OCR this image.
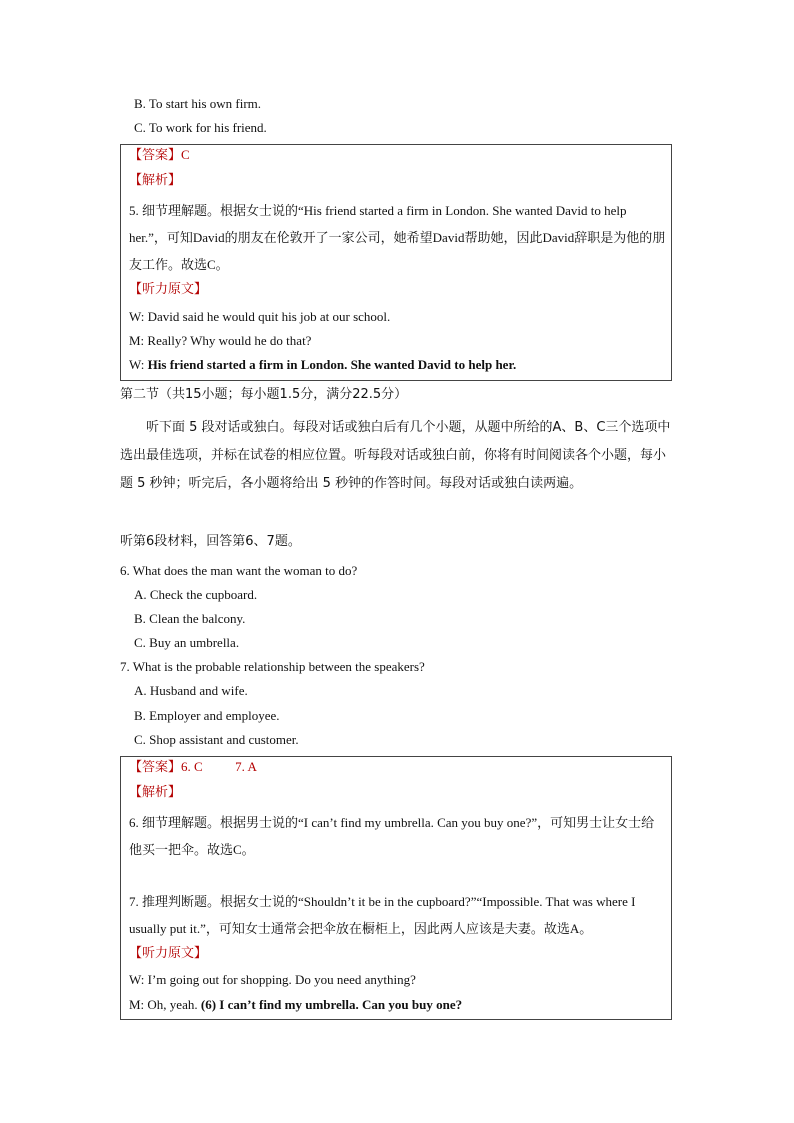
B. To start his own firm.
C. To work for his friend.
【答案】C
【解析】
5. 细节理解题。根据女士说的“His friend started a firm in London. She wanted David to help her.”，可知David的朋友在伦敦开了一家公司，她希望David帮助她，因此David辞职是为他的朋友工作。故选C。
【听力原文】
W: David said he would quit his job at our school.
M: Really? Why would he do that?
W: His friend started a firm in London. She wanted David to help her.
第二节（共15小题；每小题1.5分，满分22.5分）
听下面 5 段对话或独白。每段对话或独白后有几个小题，从题中所给的A、B、C三个选项中选出最佳选项，并标在试卷的相应位置。听每段对话或独白前，你将有时间阅读各个小题，每小题 5 秒钟；听完后，各小题将给出 5 秒钟的作答时间。每段对话或独白读两遍。
听第6段材料，回答第6、7题。
6. What does the man want the woman to do?
A. Check the cupboard.
B. Clean the balcony.
C. Buy an umbrella.
7. What is the probable relationship between the speakers?
A. Husband and wife.
B. Employer and employee.
C. Shop assistant and customer.
【答案】6. C          7. A
【解析】
6. 细节理解题。根据男士说的“I can’t find my umbrella. Can you buy one?”，可知男士让女士给他买一把伞。故选C。
7. 推理判断题。根据女士说的“Shouldn’t it be in the cupboard?”“Impossible. That was where I usually put it.”，可知女士通常会把伞放在橱柜上，因此两人应该是夫妻。故选A。
【听力原文】
W: I’m going out for shopping. Do you need anything?
M: Oh, yeah. (6) I can’t find my umbrella. Can you buy one?
